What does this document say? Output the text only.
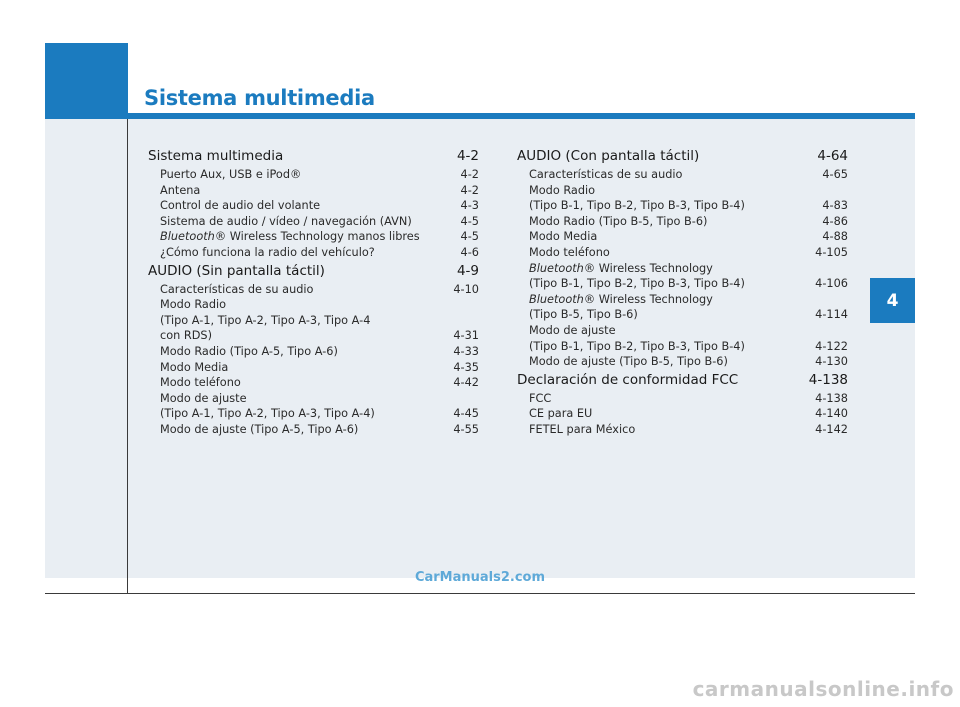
Sistema multimedia
4
Sistema multimedia	4-2
Puerto Aux, USB e iPod®	4-2
Antena	4-2
Control de audio del volante	4-3
Sistema de audio / vídeo / navegación (AVN)	4-5
Bluetooth® Wireless Technology manos libres	4-5
¿Cómo funciona la radio del vehículo?	4-6
AUDIO (Sin pantalla táctil)	4-9
Características de su audio	4-10
Modo Radio
(Tipo A-1, Tipo A-2, Tipo A-3, Tipo A-4
con RDS)	4-31
Modo Radio (Tipo A-5, Tipo A-6)	4-33
Modo Media	4-35
Modo teléfono	4-42
Modo de ajuste
(Tipo A-1, Tipo A-2, Tipo A-3, Tipo A-4)	4-45
Modo de ajuste (Tipo A-5, Tipo A-6)	4-55
AUDIO (Con pantalla táctil)	4-64
Características de su audio	4-65
Modo Radio
(Tipo B-1, Tipo B-2, Tipo B-3, Tipo B-4)	4-83
Modo Radio (Tipo B-5, Tipo B-6)	4-86
Modo Media	4-88
Modo teléfono	4-105
Bluetooth® Wireless Technology
(Tipo B-1, Tipo B-2, Tipo B-3, Tipo B-4)	4-106
Bluetooth® Wireless Technology
(Tipo B-5, Tipo B-6)	4-114
Modo de ajuste
(Tipo B-1, Tipo B-2, Tipo B-3, Tipo B-4)	4-122
Modo de ajuste (Tipo B-5, Tipo B-6)	4-130
Declaración de conformidad FCC	4-138
FCC	4-138
CE para EU	4-140
FETEL para México	4-142
CarManuals2.com
carmanualsonline.info
